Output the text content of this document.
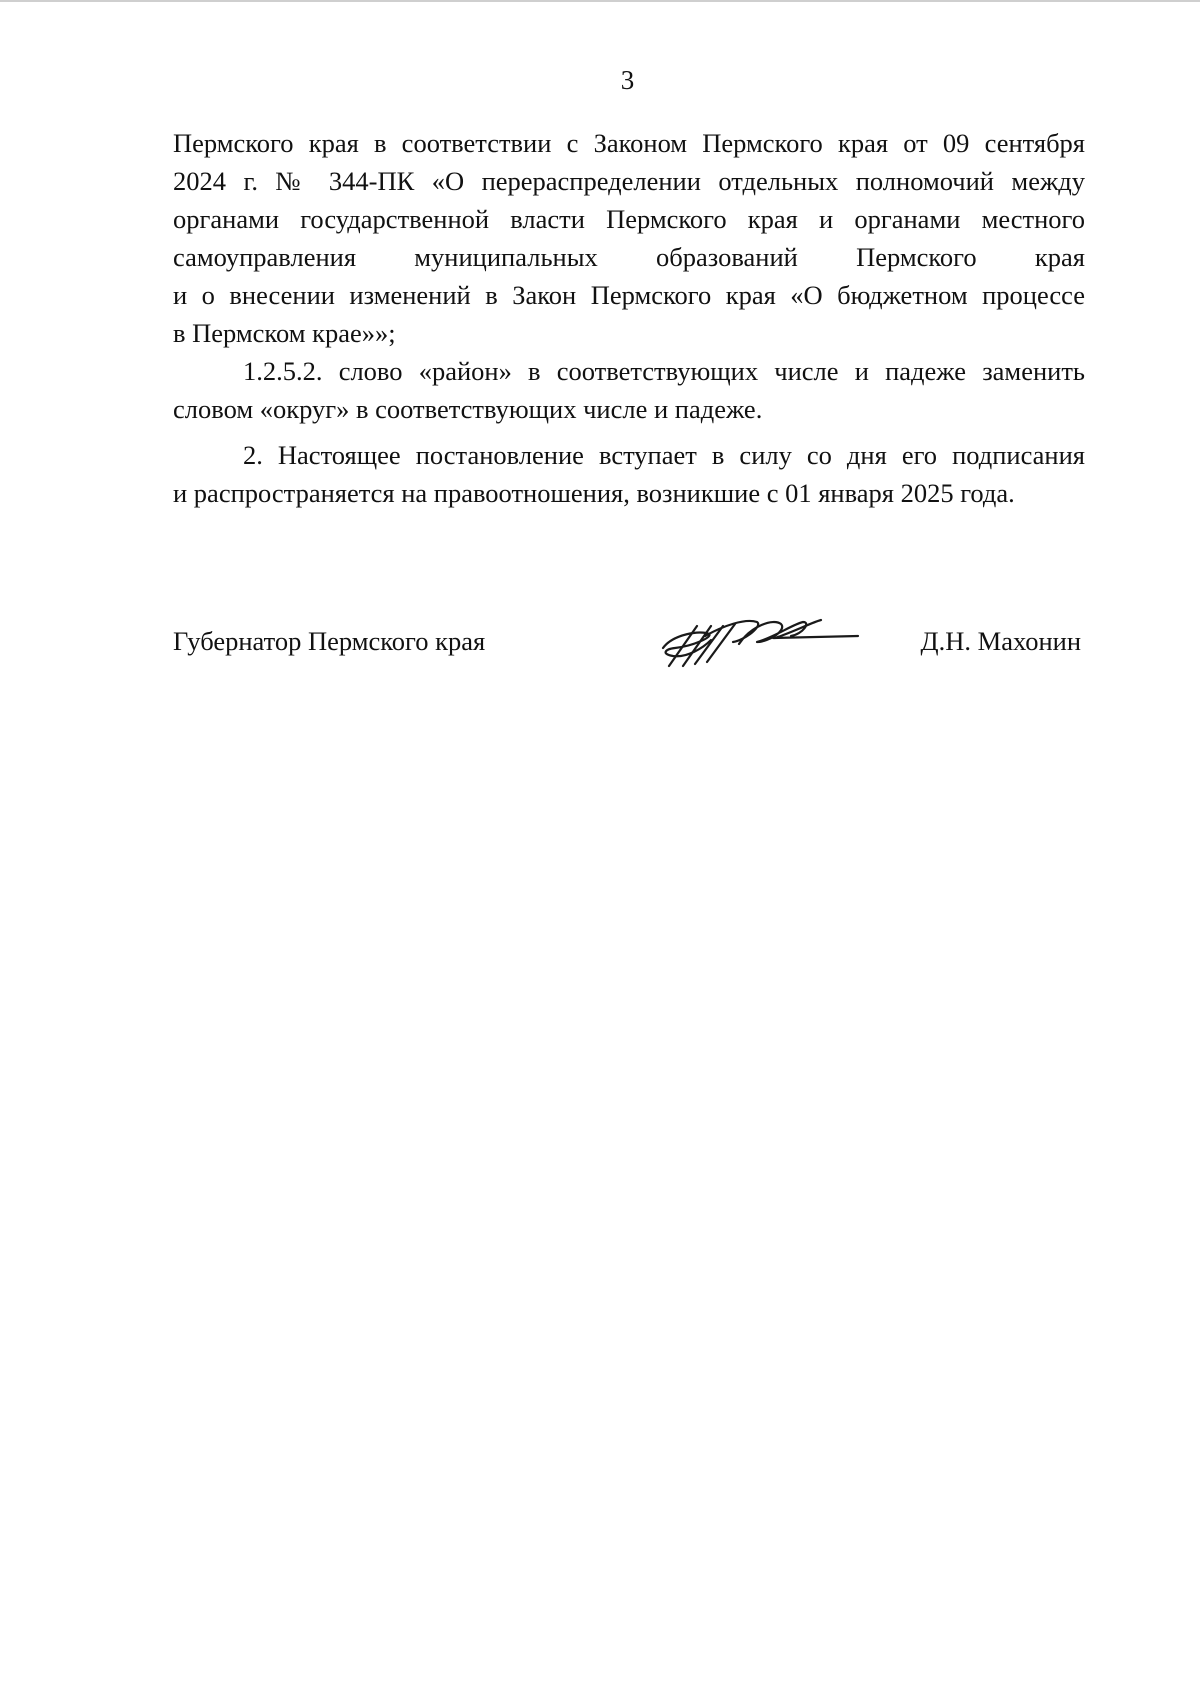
3

Пермского края в соответствии с Законом Пермского края от 09 сентября
2024 г. № 344-ПК «О перераспределении отдельных полномочий между
органами государственной власти Пермского края и органами местного
самоуправления муниципальных образований Пермского края
и о внесении изменений в Закон Пермского края «О бюджетном процессе
в Пермском крае»»;

1.2.5.2. слово «район» в соответствующих числе и падеже заменить
словом «округ» в соответствующих числе и падеже.

2. Настоящее постановление вступает в силу со дня его подписания
и распространяется на правоотношения, возникшие с 01 января 2025 года.

Губернатор Пермского края	Д.Н. Махонин
